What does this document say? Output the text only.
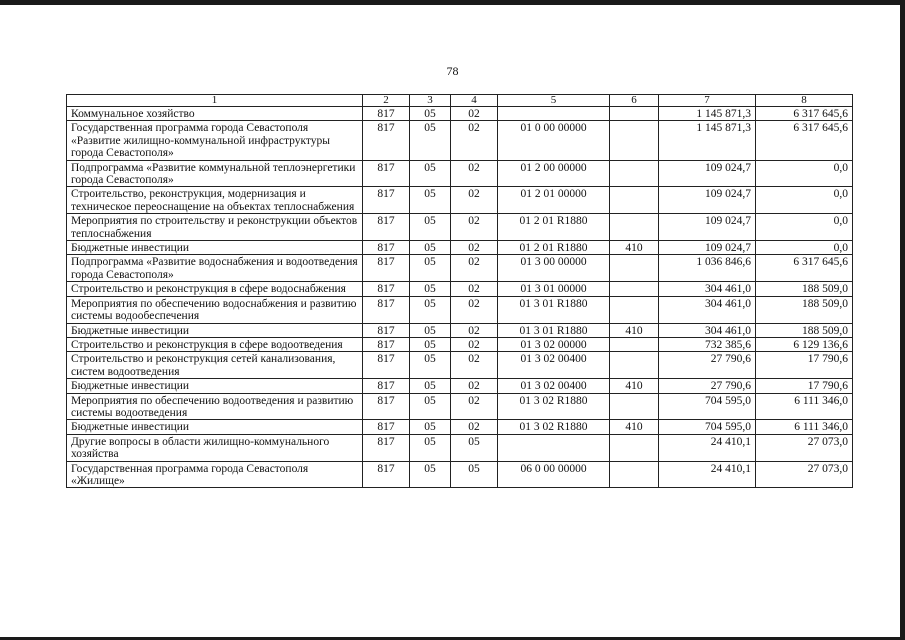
78
1	2	3	4	5	6	7	8
Коммунальное хозяйство	817	05	02			1 145 871,3	6 317 645,6
Государственная программа города Севастополя «Развитие жилищно-коммунальной инфраструктуры города Севастополя»	817	05	02	01 0 00 00000		1 145 871,3	6 317 645,6
Подпрограмма «Развитие коммунальной теплоэнергетики города Севастополя»	817	05	02	01 2 00 00000		109 024,7	0,0
Строительство, реконструкция, модернизация и техническое переоснащение на объектах теплоснабжения	817	05	02	01 2 01 00000		109 024,7	0,0
Мероприятия по строительству и реконструкции объектов теплоснабжения	817	05	02	01 2 01 R1880		109 024,7	0,0
Бюджетные инвестиции	817	05	02	01 2 01 R1880	410	109 024,7	0,0
Подпрограмма «Развитие водоснабжения и водоотведения города Севастополя»	817	05	02	01 3 00 00000		1 036 846,6	6 317 645,6
Строительство и реконструкция в сфере водоснабжения	817	05	02	01 3 01 00000		304 461,0	188 509,0
Мероприятия по обеспечению водоснабжения и развитию системы водообеспечения	817	05	02	01 3 01 R1880		304 461,0	188 509,0
Бюджетные инвестиции	817	05	02	01 3 01 R1880	410	304 461,0	188 509,0
Строительство и реконструкция в сфере водоотведения	817	05	02	01 3 02 00000		732 385,6	6 129 136,6
Строительство и реконструкция сетей канализования, систем водоотведения	817	05	02	01 3 02 00400		27 790,6	17 790,6
Бюджетные инвестиции	817	05	02	01 3 02 00400	410	27 790,6	17 790,6
Мероприятия по обеспечению водоотведения и развитию системы водоотведения	817	05	02	01 3 02 R1880		704 595,0	6 111 346,0
Бюджетные инвестиции	817	05	02	01 3 02 R1880	410	704 595,0	6 111 346,0
Другие вопросы в области жилищно-коммунального хозяйства	817	05	05			24 410,1	27 073,0
Государственная программа города Севастополя «Жилище»	817	05	05	06 0 00 00000		24 410,1	27 073,0
